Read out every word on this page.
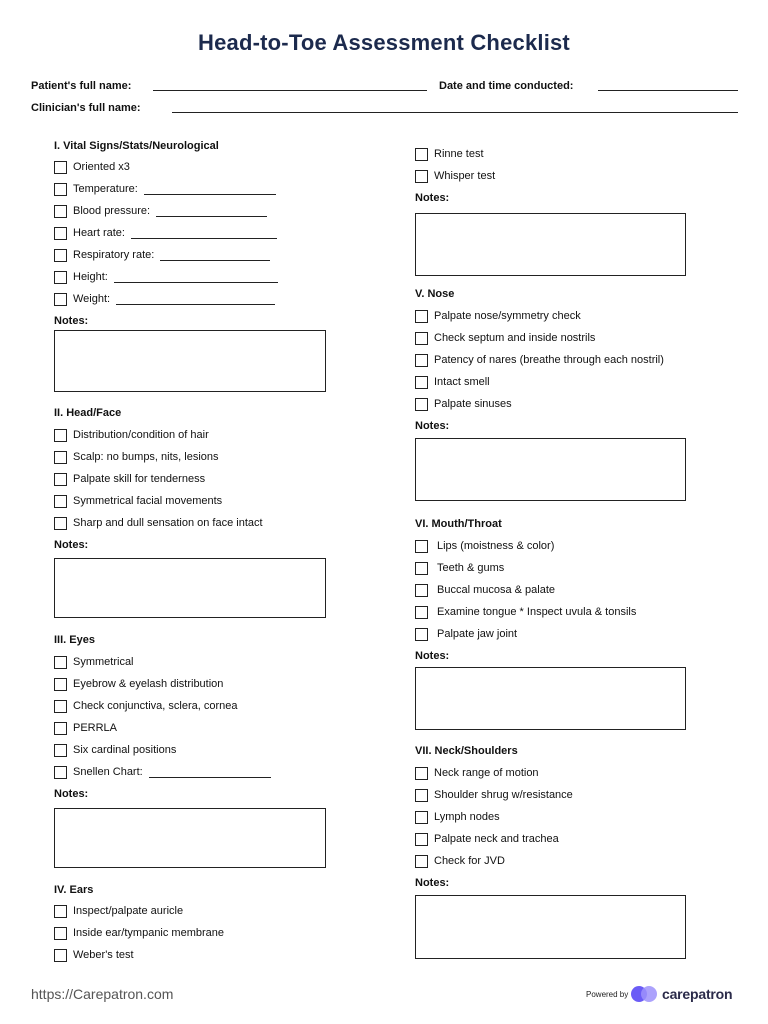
Head-to-Toe Assessment Checklist
Patient's full name:	Date and time conducted:
Clinician's full name:
I. Vital Signs/Stats/Neurological
Oriented x3
Temperature:
Blood pressure:
Heart rate:
Respiratory rate:
Height:
Weight:
Notes:
II. Head/Face
Distribution/condition of hair
Scalp: no bumps, nits, lesions
Palpate skill for tenderness
Symmetrical facial movements
Sharp and dull sensation on face intact
Notes:
III. Eyes
Symmetrical
Eyebrow & eyelash distribution
Check conjunctiva, sclera, cornea
PERRLA
Six cardinal positions
Snellen Chart:
Notes:
IV. Ears
Inspect/palpate auricle
Inside ear/tympanic membrane
Weber's test
Rinne test
Whisper test
Notes:
V. Nose
Palpate nose/symmetry check
Check septum and inside nostrils
Patency of nares (breathe through each nostril)
Intact smell
Palpate sinuses
Notes:
VI. Mouth/Throat
Lips (moistness & color)
Teeth & gums
Buccal mucosa & palate
Examine tongue * Inspect uvula & tonsils
Palpate jaw joint
Notes:
VII. Neck/Shoulders
Neck range of motion
Shoulder shrug w/resistance
Lymph nodes
Palpate neck and trachea
Check for JVD
Notes:
https://Carepatron.com	Powered by carepatron
